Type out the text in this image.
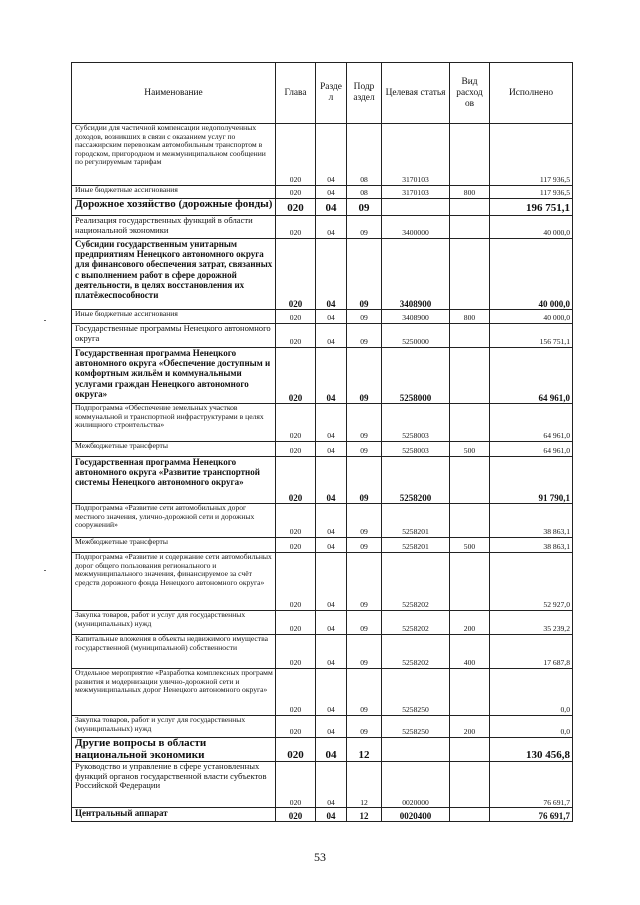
Наименование	Глава	Разде л	Подр аздел	Целевая статья	Вид расход ов	Исполнено
Субсидии для частичной компенсации недополученных доходов, возникших в связи с оказанием услуг по пассажирским перевозкам автомобильным транспортом в городском, пригородном и межмуниципальном сообщении по регулируемым тарифам	020	04	08	3170103		117 936,5
Иные бюджетные ассигнования	020	04	08	3170103	800	117 936,5
Дорожное хозяйство (дорожные фонды)	020	04	09			196 751,1
Реализация государственных функций в области национальной экономики	020	04	09	3400000		40 000,0
Субсидии государственным унитарным предприятиям Ненецкого автономного округа для финансового обеспечения затрат, связанных с выполнением работ в сфере дорожной деятельности, в целях восстановления их платёжеспособности	020	04	09	3408900		40 000,0
Иные бюджетные ассигнования	020	04	09	3408900	800	40 000,0
Государственные программы Ненецкого автономного округа	020	04	09	5250000		156 751,1
Государственная программа Ненецкого автономного округа «Обеспечение доступным и комфортным жильём и коммунальными услугами граждан Ненецкого автономного округа»	020	04	09	5258000		64 961,0
Подпрограмма «Обеспечение земельных участков коммунальной и транспортной инфраструктурами в целях жилищного строительства»	020	04	09	5258003		64 961,0
Межбюджетные трансферты	020	04	09	5258003	500	64 961,0
Государственная программа Ненецкого автономного округа «Развитие транспортной системы Ненецкого автономного округа»	020	04	09	5258200		91 790,1
Подпрограмма «Развитие сети автомобильных дорог местного значения, улично-дорожной сети и дорожных сооружений»	020	04	09	5258201		38 863,1
Межбюджетные трансферты	020	04	09	5258201	500	38 863,1
Подпрограмма «Развитие и содержание сети автомобильных дорог общего пользования регионального и межмуниципального значения, финансируемое за счёт средств дорожного фонда Ненецкого автономного округа»	020	04	09	5258202		52 927,0
Закупка товаров, работ и услуг для государственных (муниципальных) нужд	020	04	09	5258202	200	35 239,2
Капитальные вложения в объекты недвижимого имущества государственной (муниципальной) собственности	020	04	09	5258202	400	17 687,8
Отдельное мероприятие «Разработка комплексных программ развития и модернизации улично-дорожной сети и межмуниципальных дорог Ненецкого автономного округа»	020	04	09	5258250		0,0
Закупка товаров, работ и услуг для государственных (муниципальных) нужд	020	04	09	5258250	200	0,0
Другие вопросы в области национальной экономики	020	04	12			130 456,8
Руководство и управление в сфере установленных функций органов государственной власти субъектов Российской Федерации	020	04	12	0020000		76 691,7
Центральный аппарат	020	04	12	0020400		76 691,7
53
